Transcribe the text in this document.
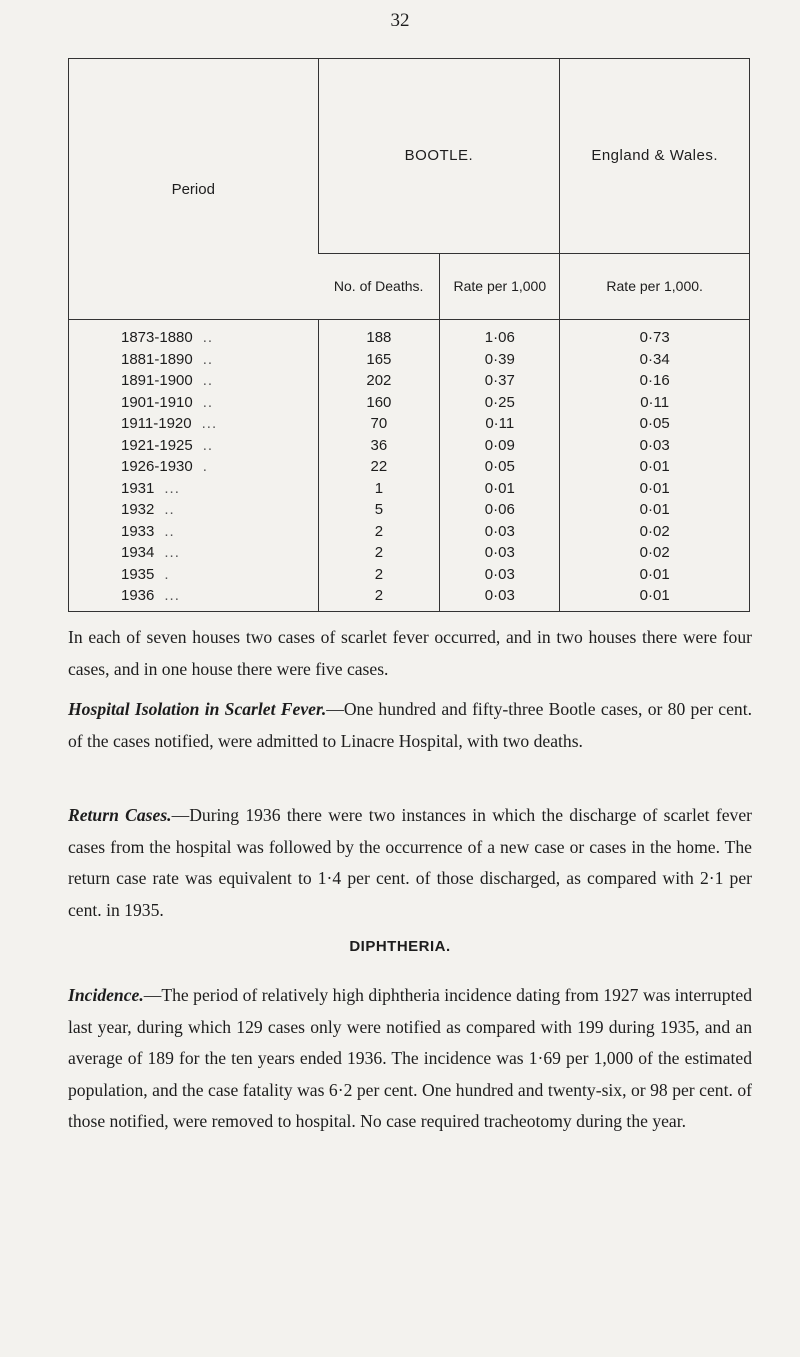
32
Period	BOOTLE.		England & Wales.
	No. of Deaths.	Rate per 1,000	Rate per 1,000.
1873-1880 ..	188	1·06	0·73
1881-1890 ..	165	0·39	0·34
1891-1900 ..	202	0·37	0·16
1901-1910 ..	160	0·25	0·11
1911-1920 ...	70	0·11	0·05
1921-1925 ..	36	0·09	0·03
1926-1930 .	22	0·05	0·01
1931 ...	1	0·01	0·01
1932 ..	5	0·06	0·01
1933 ..	2	0·03	0·02
1934 ...	2	0·03	0·02
1935 .	2	0·03	0·01
1936 ...	2	0·03	0·01

In each of seven houses two cases of scarlet fever occurred, and in two houses there were four cases, and in one house there were five cases.

Hospital Isolation in Scarlet Fever.—One hundred and fifty-three Bootle cases, or 80 per cent. of the cases notified, were admitted to Linacre Hospital, with two deaths.

Return Cases.—During 1936 there were two instances in which the discharge of scarlet fever cases from the hospital was followed by the occurrence of a new case or cases in the home. The return case rate was equivalent to 1·4 per cent. of those discharged, as compared with 2·1 per cent. in 1935.

DIPHTHERIA.

Incidence.—The period of relatively high diphtheria incidence dating from 1927 was interrupted last year, during which 129 cases only were notified as compared with 199 during 1935, and an average of 189 for the ten years ended 1936. The incidence was 1·69 per 1,000 of the estimated population, and the case fatality was 6·2 per cent. One hundred and twenty-six, or 98 per cent. of those notified, were removed to hospital. No case required tracheotomy during the year.
